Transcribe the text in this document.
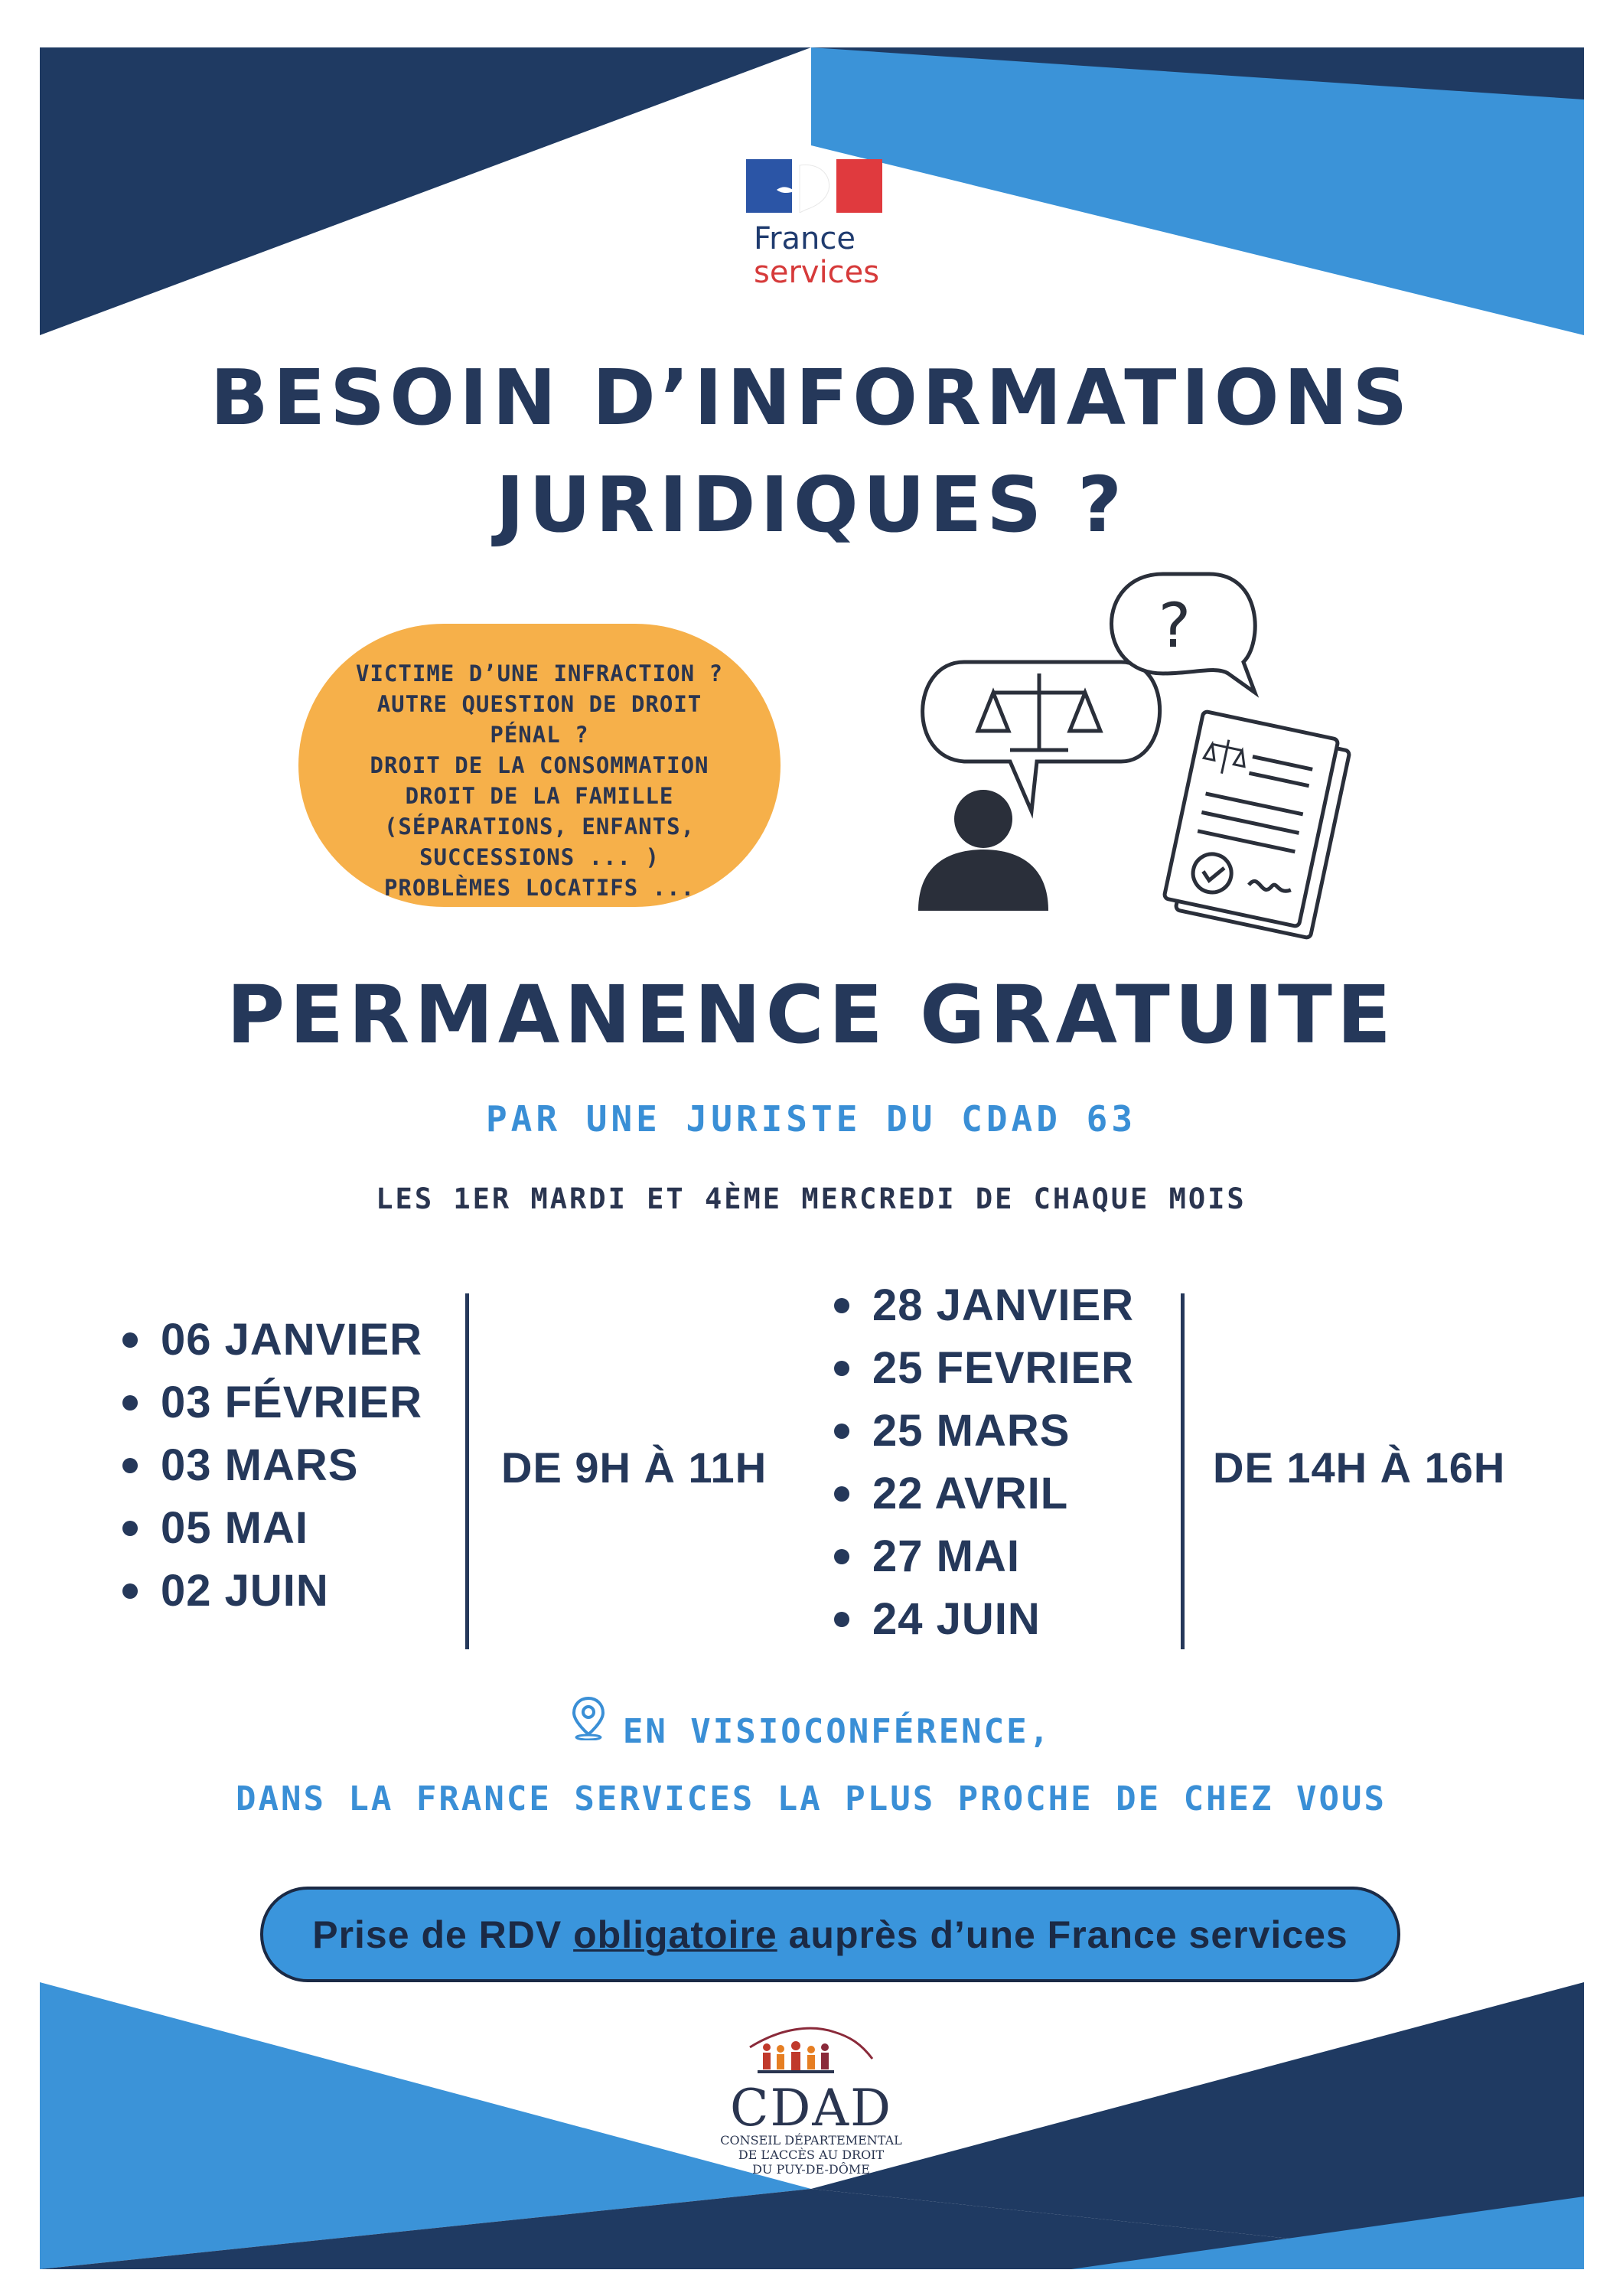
France
services
BESOIN D’INFORMATIONS
JURIDIQUES ?
VICTIME D’UNE INFRACTION ?
AUTRE QUESTION DE DROIT
PÉNAL ?
DROIT DE LA CONSOMMATION
DROIT DE LA FAMILLE
(SÉPARATIONS, ENFANTS,
SUCCESSIONS ... )
PROBLÈMES LOCATIFS ...
?
PERMANENCE GRATUITE
PAR UNE JURISTE DU CDAD 63
LES 1ER MARDI ET 4ÈME MERCREDI DE CHAQUE MOIS
06 JANVIER
03 FÉVRIER
03 MARS
05 MAI
02 JUIN
DE 9H À 11H
28 JANVIER
25 FEVRIER
25 MARS
22 AVRIL
27 MAI
24 JUIN
DE 14H À 16H
EN VISIOCONFÉRENCE,
DANS LA FRANCE SERVICES LA PLUS PROCHE DE CHEZ VOUS
Prise de RDV obligatoire auprès d’une France services
CDAD
CONSEIL DÉPARTEMENTAL
DE L’ACCÈS AU DROIT
DU PUY-DE-DÔME
